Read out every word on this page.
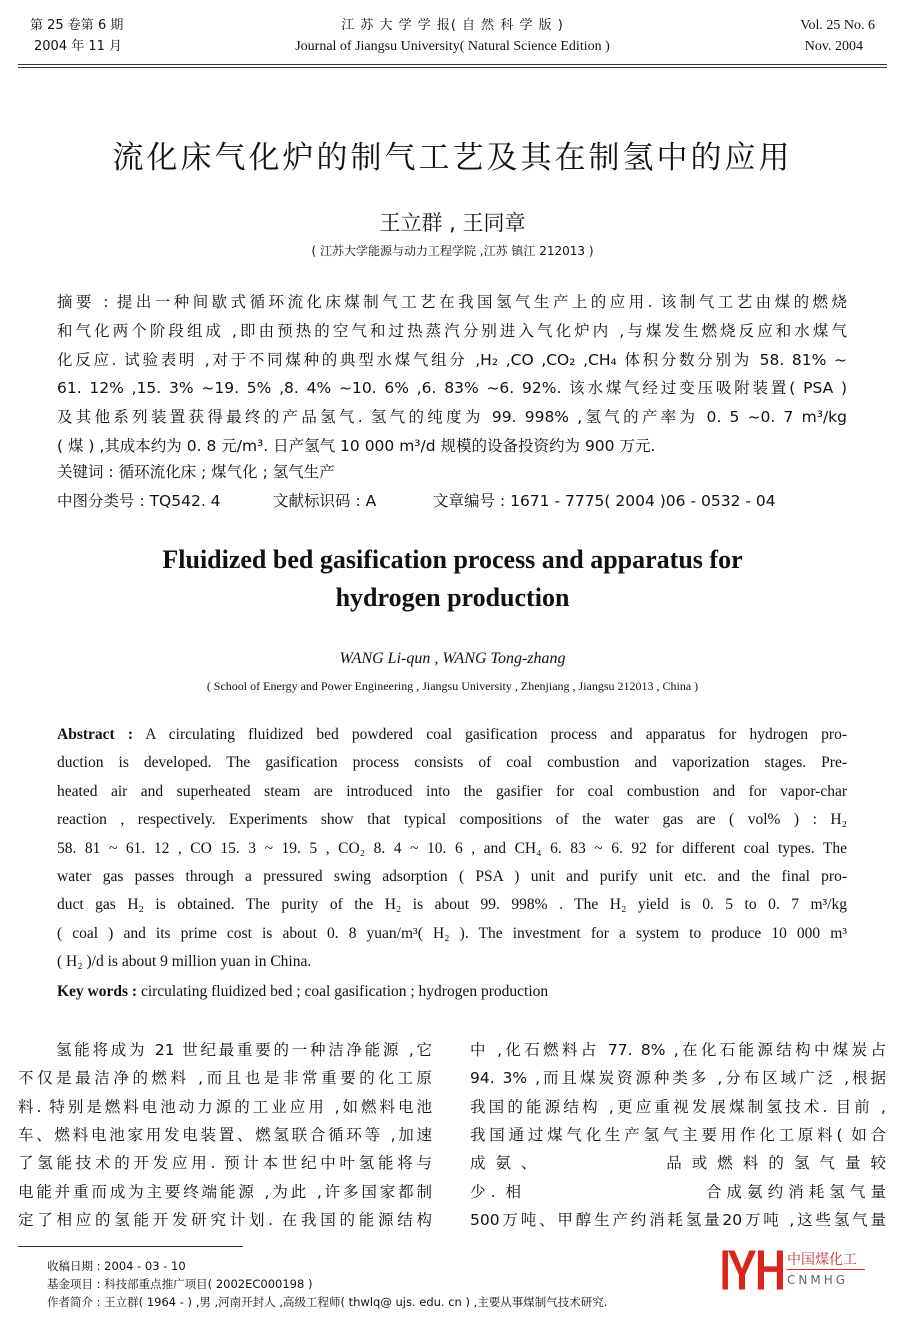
第 25 卷第 6 期
2004 年 11 月
江 苏 大 学 学 报( 自 然 科 学 版 )
Journal of Jiangsu University( Natural Science Edition )
Vol. 25 No. 6
Nov. 2004
流化床气化炉的制气工艺及其在制氢中的应用
王立群 , 王同章
( 江苏大学能源与动力工程学院 ,江苏 镇江 212013 )
摘要 : 提出一种间歇式循环流化床煤制气工艺在我国氢气生产上的应用. 该制气工艺由煤的燃烧
和气化两个阶段组成 ,即由预热的空气和过热蒸汽分别进入气化炉内 ,与煤发生燃烧反应和水煤气
化反应. 试验表明 ,对于不同煤种的典型水煤气组分 ,H₂ ,CO ,CO₂ ,CH₄ 体积分数分别为 58. 81% ~
61. 12% ,15. 3% ~19. 5% ,8. 4% ~10. 6% ,6. 83% ~6. 92%. 该水煤气经过变压吸附装置( PSA )
及其他系列装置获得最终的产品氢气. 氢气的纯度为 99. 998% ,氢气的产率为 0. 5 ~0. 7 m³/kg
( 煤 ) ,其成本约为 0. 8 元/m³. 日产氢气 10 000 m³/d 规模的设备投资约为 900 万元.
关键词 : 循环流化床 ; 煤气化 ; 氢气生产
中图分类号 : TQ542. 4	文献标识码 : A	文章编号 : 1671 - 7775( 2004 )06 - 0532 - 04
Fluidized bed gasification process and apparatus for
hydrogen production
WANG Li-qun , WANG Tong-zhang
( School of Energy and Power Engineering , Jiangsu University , Zhenjiang , Jiangsu 212013 , China )
Abstract : A circulating fluidized bed powdered coal gasification process and apparatus for hydrogen pro-
duction is developed. The gasification process consists of coal combustion and vaporization stages. Pre-
heated air and superheated steam are introduced into the gasifier for coal combustion and for vapor-char
reaction , respectively. Experiments show that typical compositions of the water gas are ( vol% ) : H₂
58. 81 ~ 61. 12 , CO 15. 3 ~ 19. 5 , CO₂ 8. 4 ~ 10. 6 , and CH₄ 6. 83 ~ 6. 92 for different coal types. The
water gas passes through a pressured swing adsorption ( PSA ) unit and purify unit etc. and the final pro-
duct gas H₂ is obtained. The purity of the H₂ is about 99. 998% . The H₂ yield is 0. 5 to 0. 7 m³/kg
( coal ) and its prime cost is about 0. 8 yuan/m³( H₂ ). The investment for a system to produce 10 000 m³
( H₂ )/d is about 9 million yuan in China.
Key words : circulating fluidized bed ; coal gasification ; hydrogen production
氢能将成为 21 世纪最重要的一种洁净能源 ,它
不仅是最洁净的燃料 ,而且也是非常重要的化工原
料. 特别是燃料电池动力源的工业应用 ,如燃料电池
车、燃料电池家用发电装置、燃氢联合循环等 ,加速
了氢能技术的开发应用. 预计本世纪中叶氢能将与
电能并重而成为主要终端能源 ,为此 ,许多国家都制
定了相应的氢能开发研究计划. 在我国的能源结构
中 ,化石燃料占 77. 8% ,在化石能源结构中煤炭占
94. 3% ,而且煤炭资源种类多 ,分布区域广泛 ,根据
我国的能源结构 ,更应重视发展煤制氢技术. 目前 ,
我国通过煤气化生产氢气主要用作化工原料( 如合
成氨、        品或燃料的氢气量较
少. 相                  合成氨约消耗氢气量
500万吨、甲醇生产约消耗氢量20万吨 ,这些氢气量
中国煤化工
CNMHG
收稿日期 : 2004 - 03 - 10
基金项目 : 科技部重点推广项目( 2002EC000198 )
作者简介 : 王立群( 1964 - ) ,男 ,河南开封人 ,高级工程师( thwlq@ ujs. edu. cn ) ,主要从事煤制气技术研究.
